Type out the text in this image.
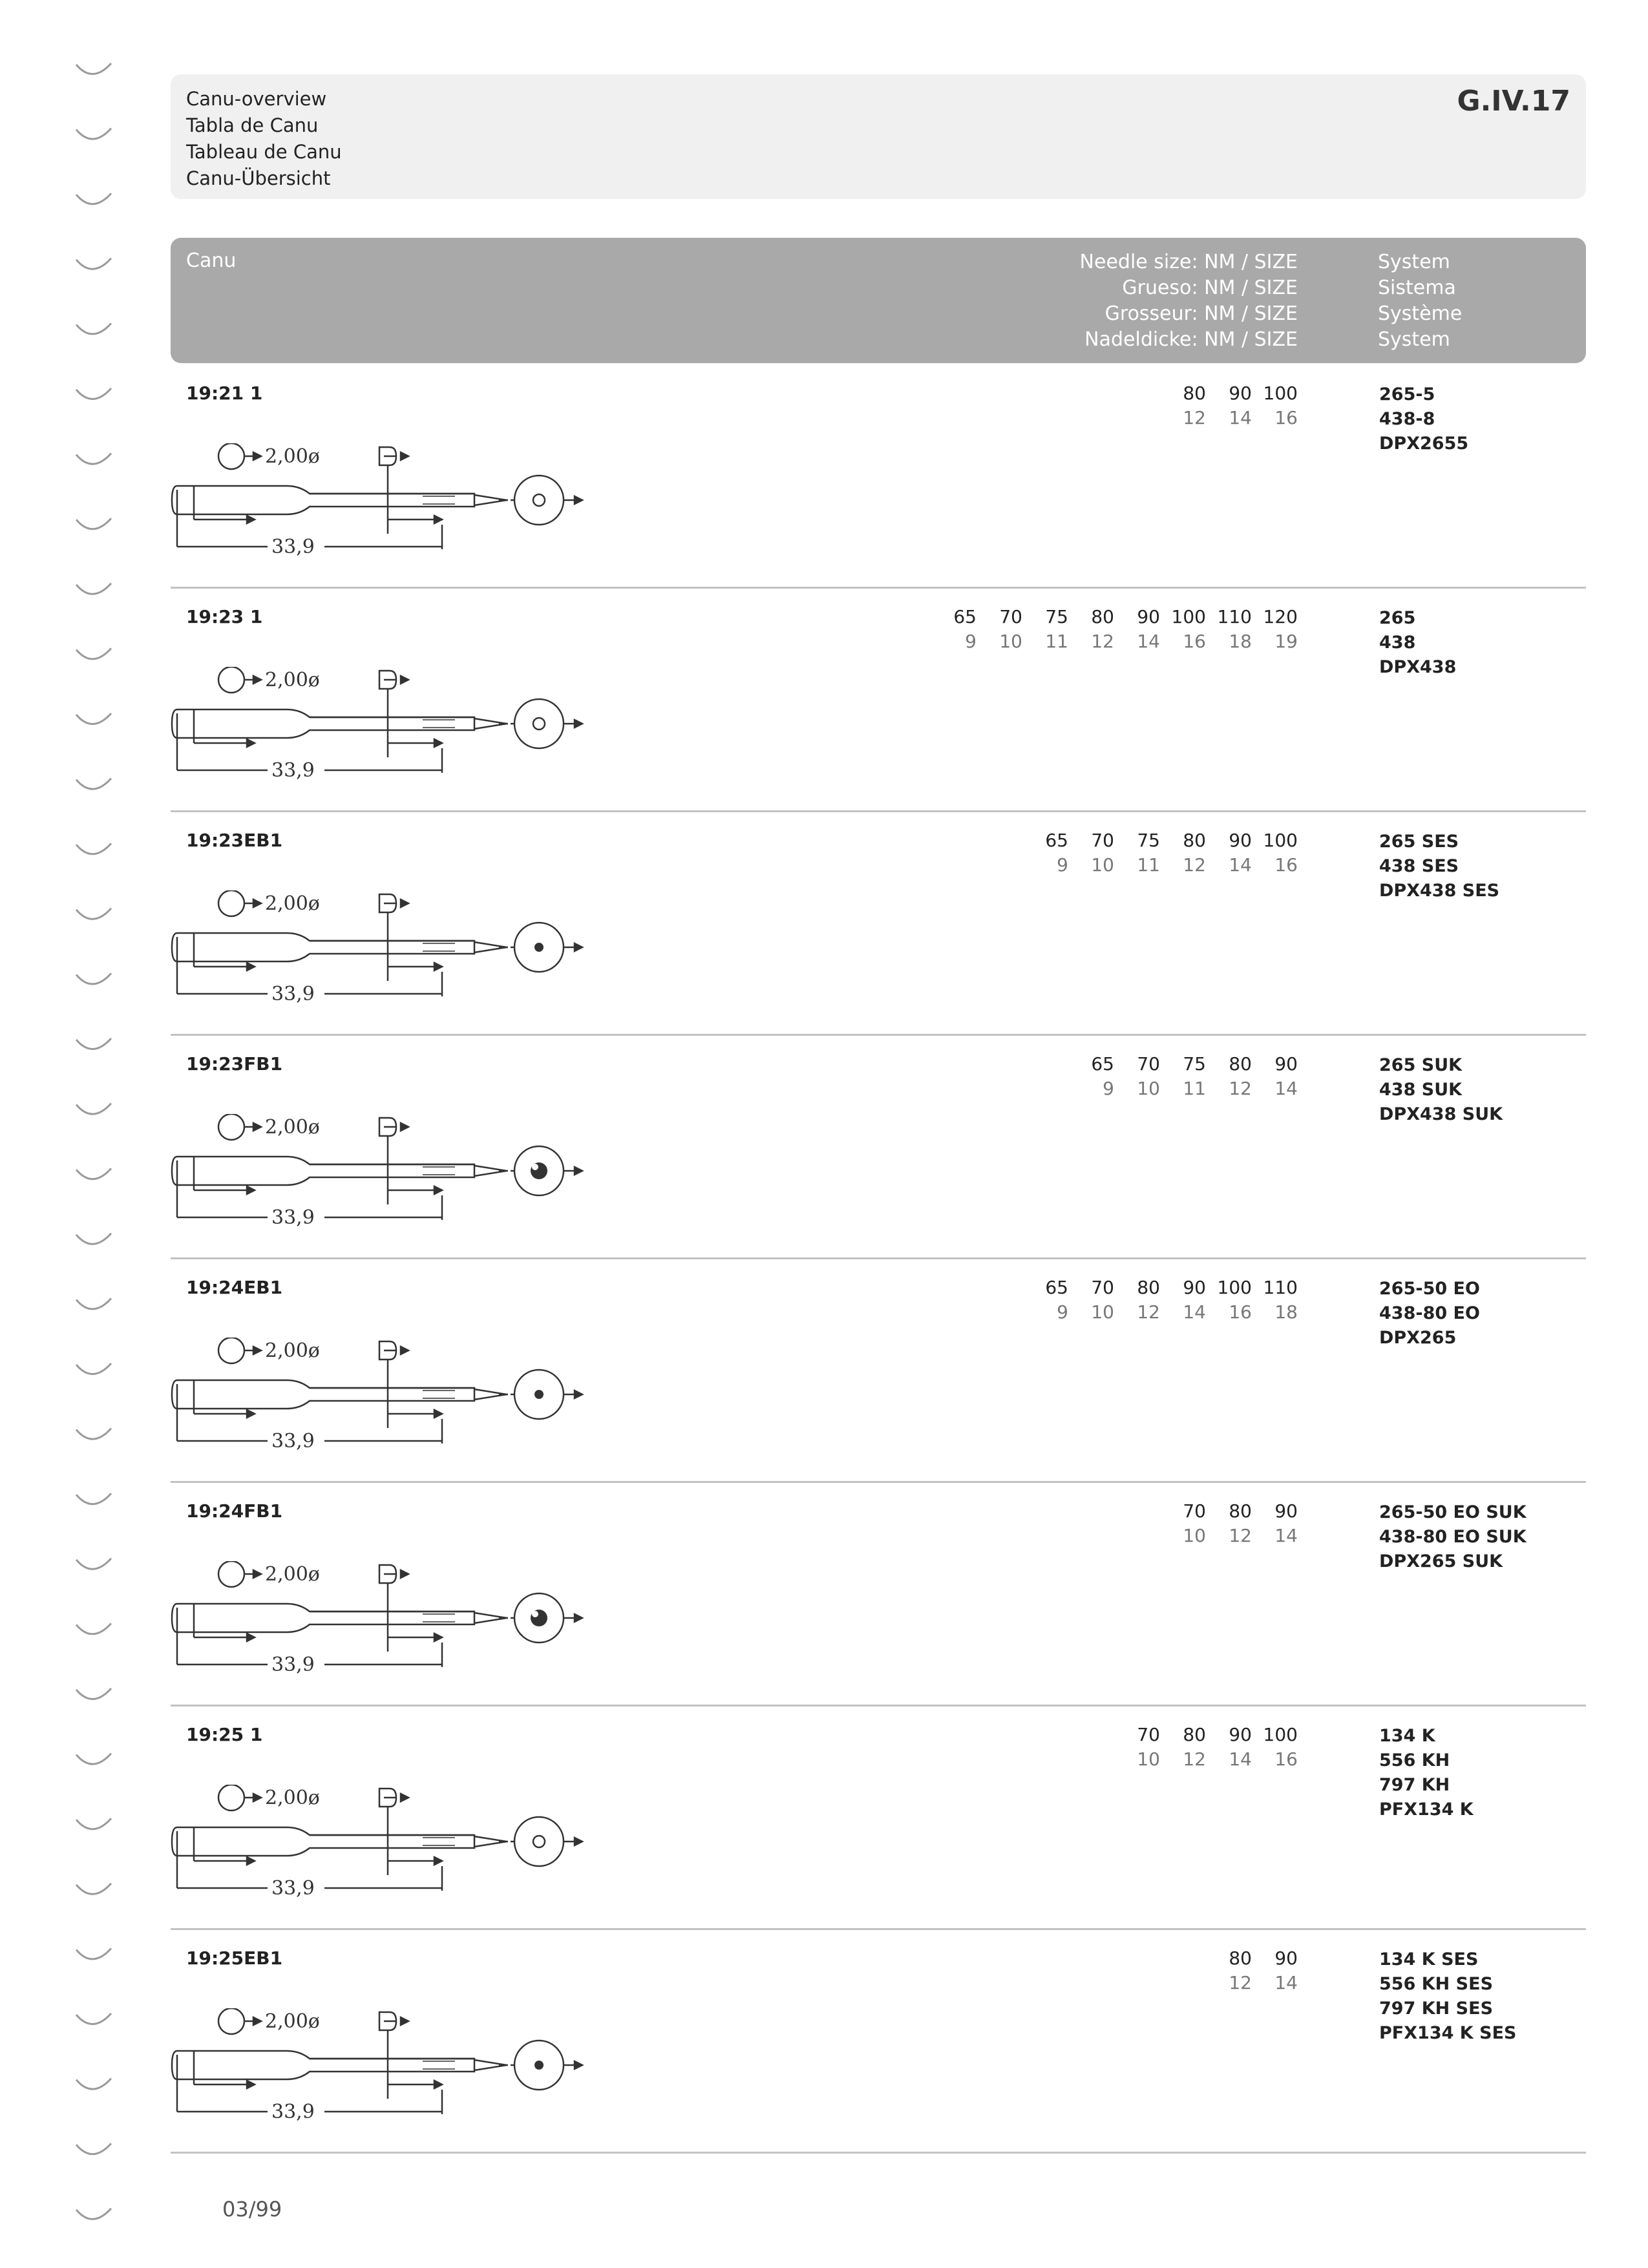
Canu-overview
Tabla de Canu
Tableau de Canu
Canu-Übersicht
G.IV.17
Canu	Needle size: NM / SIZE
Grueso: NM / SIZE
Grosseur: NM / SIZE
Nadeldicke: NM / SIZE
System
Sistema
Système
System
19:21 1	80	90 100
12	14	16
265-5
438-8
DPX2655
2,00ø
33,9
19:23 1	65	70	75	80	90 100 110 120
9	10	11	12	14	16	18	19
265
438
DPX438
2,00ø
33,9
19:23EB1	65	70	75	80	90 100
9	10	11	12	14	16
265 SES
438 SES
DPX438 SES
2,00ø
33,9
19:23FB1	65	70	75	80	90
9	10	11	12	14
265 SUK
438 SUK
DPX438 SUK
2,00ø
33,9
19:24EB1	65	70	80	90 100 110
9	10	12	14	16	18
265-50 EO
438-80 EO
DPX265
2,00ø
33,9
19:24FB1	70	80	90
10	12	14
265-50 EO SUK
438-80 EO SUK
DPX265 SUK
2,00ø
33,9
19:25 1	70	80	90 100
10	12	14	16
134 K
556 KH
797 KH
PFX134 K
2,00ø
33,9
19:25EB1	80	90
12	14
134 K SES
556 KH SES
797 KH SES
PFX134 K SES
2,00ø
33,9
03/99
